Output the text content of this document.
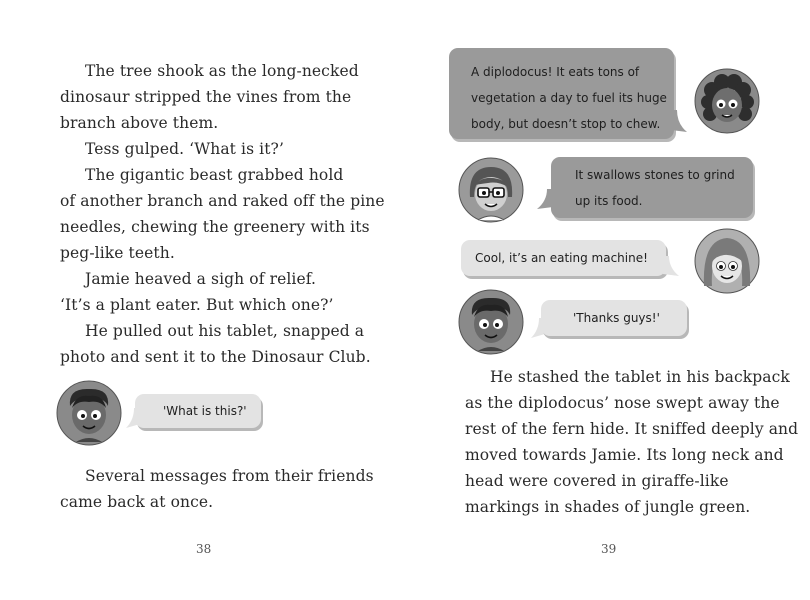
The tree shook as the long-necked

dinosaur stripped the vines from the

branch above them.

Tess gulped. ‘What is it?’

The gigantic beast grabbed hold

of another branch and raked off the pine

needles, chewing the greenery with its

peg-like teeth.

Jamie heaved a sigh of relief.

‘It’s a plant eater. But which one?’

He pulled out his tablet, snapped a

photo and sent it to the Dinosaur Club.

'What is this?'

Several messages from their friends

came back at once.

38
A diplodocus! It eats tons of
vegetation a day to fuel its huge
body, but doesn’t stop to chew.
It swallows stones to grind
up its food.
Cool, it’s an eating machine!
'Thanks guys!'

He stashed the tablet in his backpack

as the diplodocus’ nose swept away the

rest of the fern hide. It sniffed deeply and

moved towards Jamie. Its long neck and

head were covered in giraffe-like

markings in shades of jungle green.

39
